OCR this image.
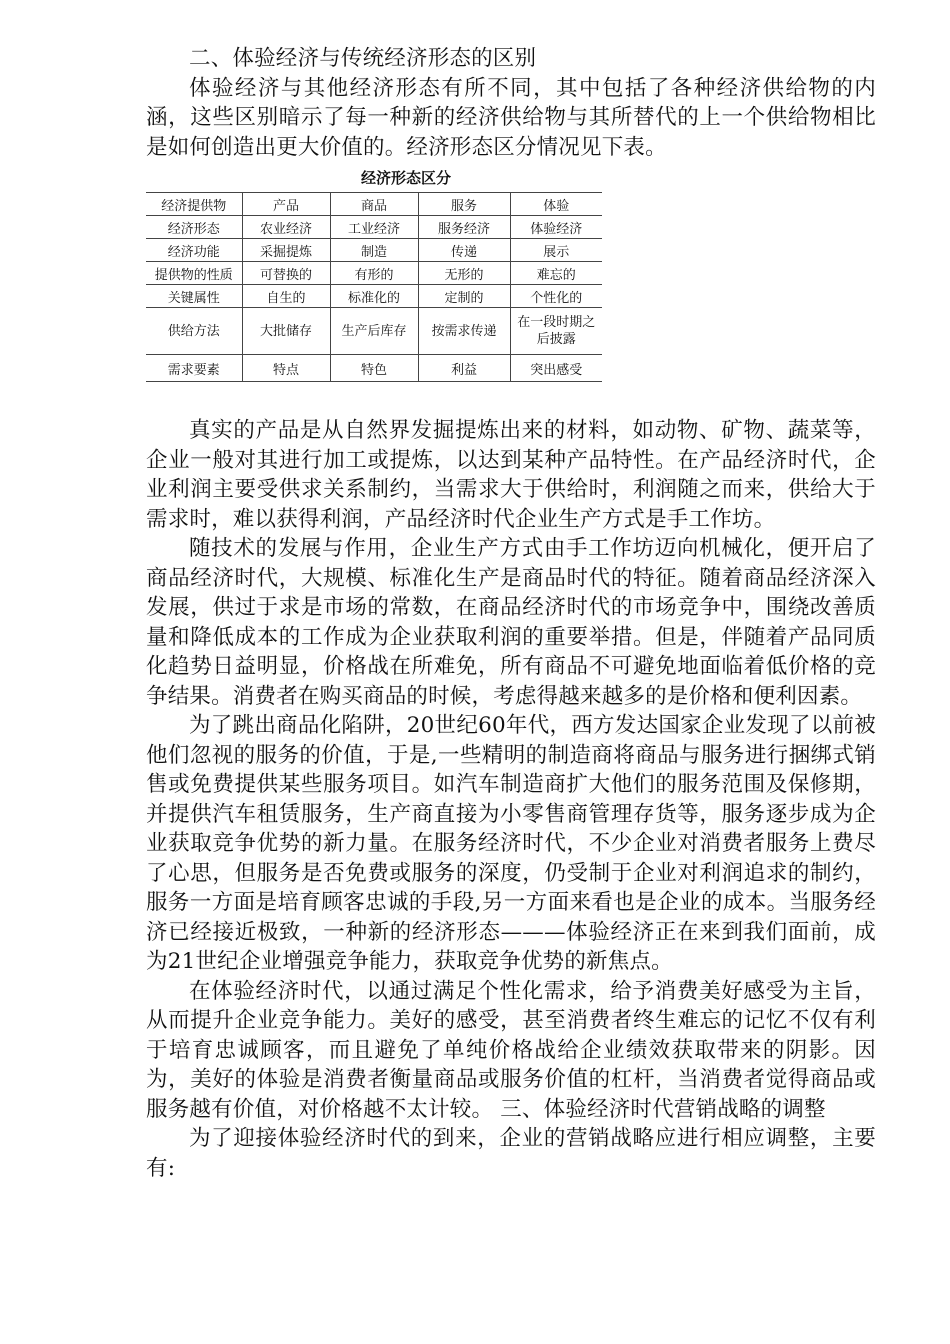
二、体验经济与传统经济形态的区别

体验经济与其他经济形态有所不同，其中包括了各种经济供给物的内涵，这些区别暗示了每一种新的经济供给物与其所替代的上一个供给物相比是如何创造出更大价值的。经济形态区分情况见下表。

经济形态区分
经济提供物	产品	商品	服务	体验
经济形态	农业经济	工业经济	服务经济	体验经济
经济功能	采掘提炼	制造	传递	展示
提供物的性质	可替换的	有形的	无形的	难忘的
关键属性	自生的	标准化的	定制的	个性化的
供给方法	大批储存	生产后库存	按需求传递	在一段时期之后披露
需求要素	特点	特色	利益	突出感受

真实的产品是从自然界发掘提炼出来的材料，如动物、矿物、蔬菜等，企业一般对其进行加工或提炼，以达到某种产品特性。在产品经济时代，企业利润主要受供求关系制约，当需求大于供给时，利润随之而来，供给大于需求时，难以获得利润，产品经济时代企业生产方式是手工作坊。

随技术的发展与作用，企业生产方式由手工作坊迈向机械化，便开启了商品经济时代，大规模、标准化生产是商品时代的特征。随着商品经济深入发展，供过于求是市场的常数，在商品经济时代的市场竞争中，围绕改善质量和降低成本的工作成为企业获取利润的重要举措。但是，伴随着产品同质化趋势日益明显，价格战在所难免，所有商品不可避免地面临着低价格的竞争结果。消费者在购买商品的时候，考虑得越来越多的是价格和便利因素。

为了跳出商品化陷阱，20世纪60年代，西方发达国家企业发现了以前被他们忽视的服务的价值，于是,一些精明的制造商将商品与服务进行捆绑式销售或免费提供某些服务项目。如汽车制造商扩大他们的服务范围及保修期，并提供汽车租赁服务，生产商直接为小零售商管理存货等，服务逐步成为企业获取竞争优势的新力量。在服务经济时代，不少企业对消费者服务上费尽了心思，但服务是否免费或服务的深度，仍受制于企业对利润追求的制约，服务一方面是培育顾客忠诚的手段,另一方面来看也是企业的成本。当服务经济已经接近极致，一种新的经济形态———体验经济正在来到我们面前，成为21世纪企业增强竞争能力，获取竞争优势的新焦点。

在体验经济时代，以通过满足个性化需求，给予消费美好感受为主旨，从而提升企业竞争能力。美好的感受，甚至消费者终生难忘的记忆不仅有利于培育忠诚顾客，而且避免了单纯价格战给企业绩效获取带来的阴影。因为，美好的体验是消费者衡量商品或服务价值的杠杆，当消费者觉得商品或服务越有价值，对价格越不太计较。 三、体验经济时代营销战略的调整

为了迎接体验经济时代的到来，企业的营销战略应进行相应调整，主要有:
